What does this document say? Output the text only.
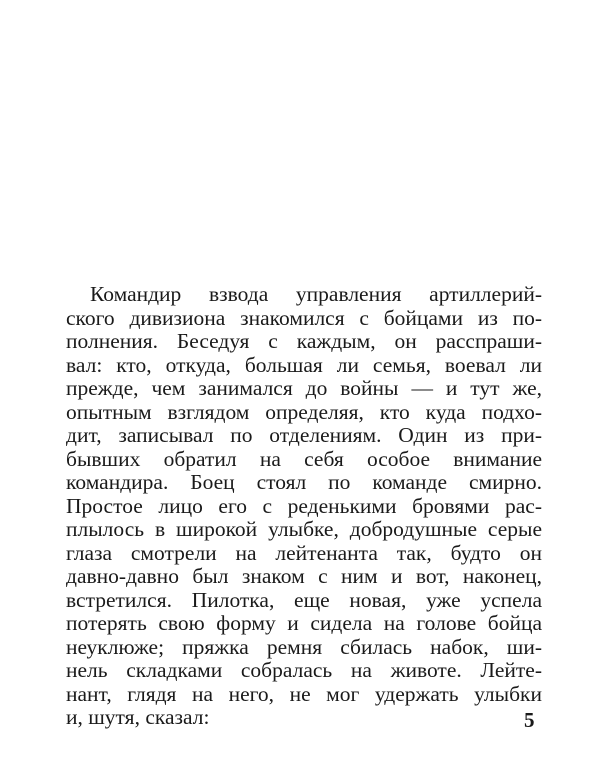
Командир взвода управления артиллерий-
ского дивизиона знакомился с бойцами из по-
полнения. Беседуя с каждым, он расспраши-
вал: кто, откуда, большая ли семья, воевал ли
прежде, чем занимался до войны — и тут же,
опытным взглядом определяя, кто куда подхо-
дит, записывал по отделениям. Один из при-
бывших обратил на себя особое внимание
командира. Боец стоял по команде смирно.
Простое лицо его с реденькими бровями рас-
плылось в широкой улыбке, добродушные серые
глаза смотрели на лейтенанта так, будто он
давно-давно был знаком с ним и вот, наконец,
встретился. Пилотка, еще новая, уже успела
потерять свою форму и сидела на голове бойца
неуклюже; пряжка ремня сбилась набок, ши-
нель складками собралась на животе. Лейте-
нант, глядя на него, не мог удержать улыбки
и, шутя, сказал:	5
